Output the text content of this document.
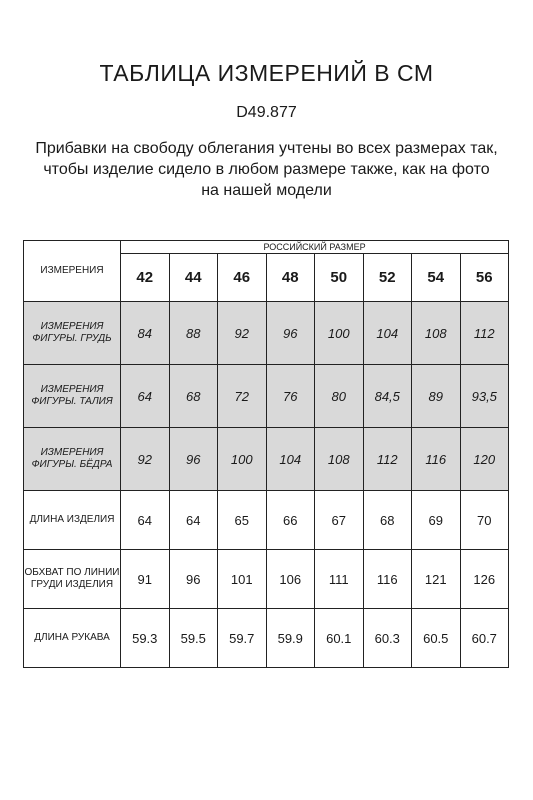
ТАБЛИЦА ИЗМЕРЕНИЙ В СМ
D49.877
Прибавки на свободу облегания учтены во всех размерах так,
чтобы изделие сидело в любом размере также, как на фото
на нашей модели
ИЗМЕРЕНИЯ	РОССИЙСКИЙ РАЗМЕР							
	42	44	46	48	50	52	54	56
ИЗМЕРЕНИЯ ФИГУРЫ. ГРУДЬ	84	88	92	96	100	104	108	112
ИЗМЕРЕНИЯ ФИГУРЫ. ТАЛИЯ	64	68	72	76	80	84,5	89	93,5
ИЗМЕРЕНИЯ ФИГУРЫ. БЁДРА	92	96	100	104	108	112	116	120
ДЛИНА ИЗДЕЛИЯ	64	64	65	66	67	68	69	70
ОБХВАТ ПО ЛИНИИ ГРУДИ ИЗДЕЛИЯ	91	96	101	106	111	116	121	126
ДЛИНА РУКАВА	59.3	59.5	59.7	59.9	60.1	60.3	60.5	60.7
